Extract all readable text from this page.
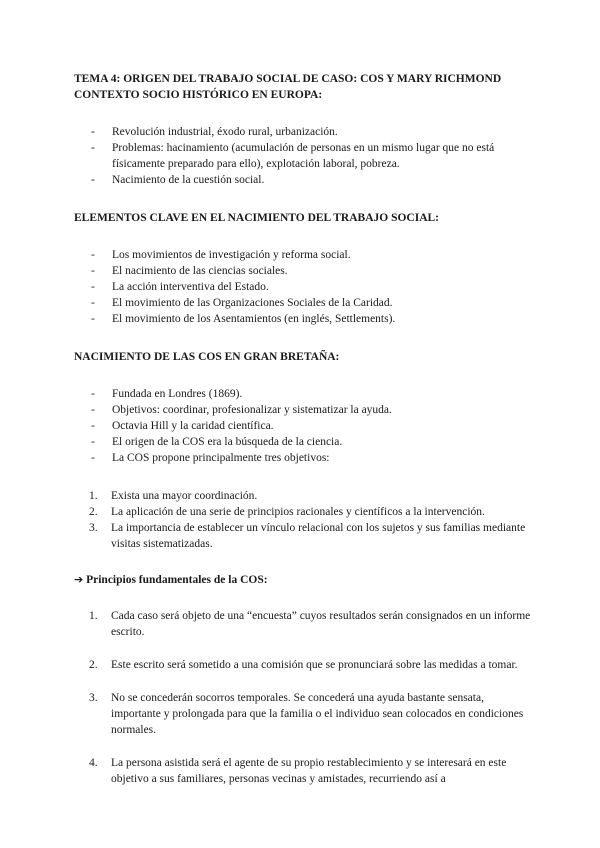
TEMA 4: ORIGEN DEL TRABAJO SOCIAL DE CASO: COS Y MARY RICHMOND

CONTEXTO SOCIO HISTÓRICO EN EUROPA:

- Revolución industrial, éxodo rural, urbanización.
- Problemas: hacinamiento (acumulación de personas en un mismo lugar que no está físicamente preparado para ello), explotación laboral, pobreza.
- Nacimiento de la cuestión social.

ELEMENTOS CLAVE EN EL NACIMIENTO DEL TRABAJO SOCIAL:

- Los movimientos de investigación y reforma social.
- El nacimiento de las ciencias sociales.
- La acción interventiva del Estado.
- El movimiento de las Organizaciones Sociales de la Caridad.
- El movimiento de los Asentamientos (en inglés, Settlements).

NACIMIENTO DE LAS COS EN GRAN BRETAÑA:

- Fundada en Londres (1869).
- Objetivos: coordinar, profesionalizar y sistematizar la ayuda.
- Octavia Hill y la caridad científica.
- El origen de la COS era la búsqueda de la ciencia.
- La COS propone principalmente tres objetivos:
1. Exista una mayor coordinación.
2. La aplicación de una serie de principios racionales y científicos a la intervención.
3. La importancia de establecer un vínculo relacional con los sujetos y sus familias mediante visitas sistematizadas.

➔ Principios fundamentales de la COS:

1. Cada caso será objeto de una “encuesta” cuyos resultados serán consignados en un informe escrito.
2. Este escrito será sometido a una comisión que se pronunciará sobre las medidas a tomar.
3. No se concederán socorros temporales. Se concederá una ayuda bastante sensata, importante y prolongada para que la familia o el individuo sean colocados en condiciones normales.
4. La persona asistida será el agente de su propio restablecimiento y se interesará en este objetivo a sus familiares, personas vecinas y amistades, recurriendo así a
